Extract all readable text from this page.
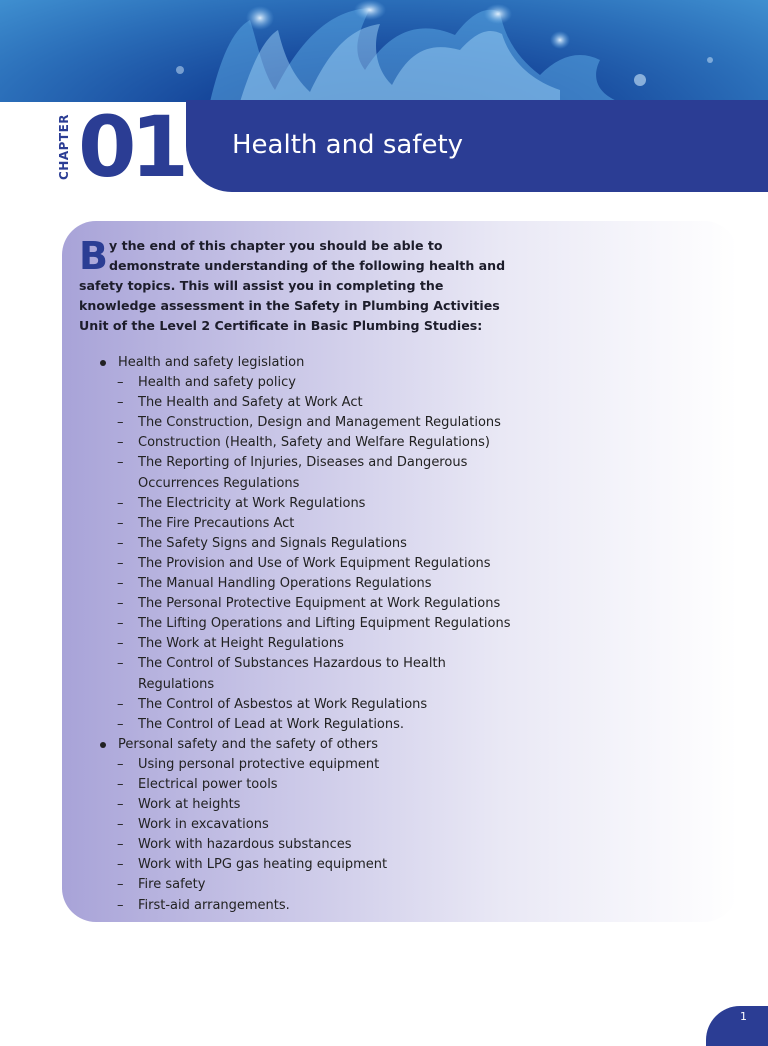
CHAPTER 01 Health and safety
By the end of this chapter you should be able to demonstrate understanding of the following health and safety topics. This will assist you in completing the knowledge assessment in the Safety in Plumbing Activities Unit of the Level 2 Certificate in Basic Plumbing Studies:
Health and safety legislation
– Health and safety policy
– The Health and Safety at Work Act
– The Construction, Design and Management Regulations
– Construction (Health, Safety and Welfare Regulations)
– The Reporting of Injuries, Diseases and Dangerous Occurrences Regulations
– The Electricity at Work Regulations
– The Fire Precautions Act
– The Safety Signs and Signals Regulations
– The Provision and Use of Work Equipment Regulations
– The Manual Handling Operations Regulations
– The Personal Protective Equipment at Work Regulations
– The Lifting Operations and Lifting Equipment Regulations
– The Work at Height Regulations
– The Control of Substances Hazardous to Health Regulations
– The Control of Asbestos at Work Regulations
– The Control of Lead at Work Regulations.
Personal safety and the safety of others
– Using personal protective equipment
– Electrical power tools
– Work at heights
– Work in excavations
– Work with hazardous substances
– Work with LPG gas heating equipment
– Fire safety
– First-aid arrangements.
1
